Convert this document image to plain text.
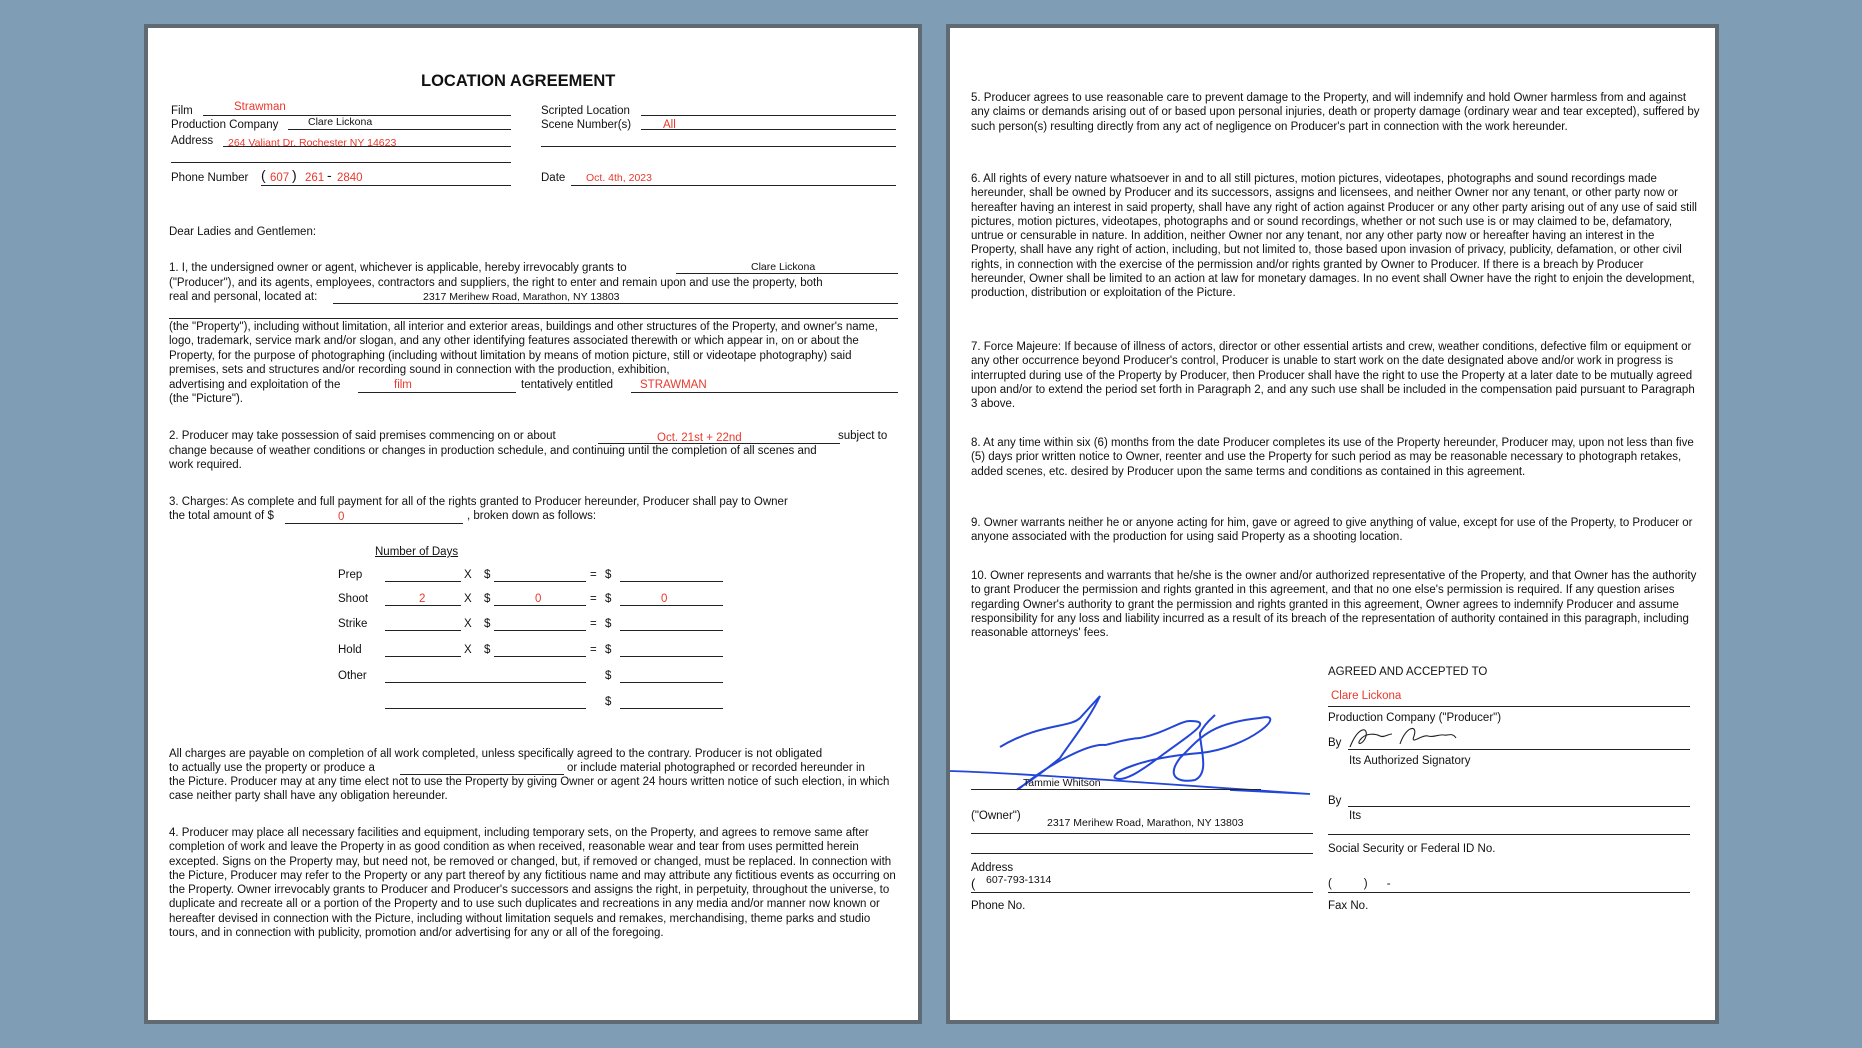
LOCATION AGREEMENT
Film	Strawman
Production Company	Clare Lickona
Address 264 Valiant Dr. Rochester NY 14623
Phone Number ( 607 ) 261 - 2840
Scripted Location
Scene Number(s)	All
Date Oct. 4th, 2023
Dear Ladies and Gentlemen:
1. I, the undersigned owner or agent, whichever is applicable, hereby irrevocably grants to	Clare Lickona
("Producer"), and its agents, employees, contractors and suppliers, the right to enter and remain upon and use the property, both
real and personal, located at:	2317 Merihew Road, Marathon, NY 13803
(the "Property"), including without limitation, all interior and exterior areas, buildings and other structures of the Property, and owner's name, logo, trademark, service mark and/or slogan, and any other identifying features associated therewith or which appear in, on or about the Property, for the purpose of photographing (including without limitation by means of motion picture, still or videotape photography) said premises, sets and structures and/or recording sound in connection with the production, exhibition,
advertising and exploitation of the	film	tentatively entitled STRAWMAN
(the "Picture").
2. Producer may take possession of said premises commencing on or about	Oct. 21st + 22nd	subject to
change because of weather conditions or changes in production schedule, and continuing until the completion of all scenes and
work required.
3. Charges: As complete and full payment for all of the rights granted to Producer hereunder, Producer shall pay to Owner
the total amount of $	0	, broken down as follows:
Number of Days
Prep	X $	= $
Shoot	2	X $	0	= $	0
Strike	X $	= $
Hold	X $	= $
Other	$
$
All charges are payable on completion of all work completed, unless specifically agreed to the contrary. Producer is not obligated
to actually use the property or produce a	or include material photographed or recorded hereunder in
the Picture. Producer may at any time elect not to use the Property by giving Owner or agent 24 hours written notice of such election, in which case neither party shall have any obligation hereunder.
4. Producer may place all necessary facilities and equipment, including temporary sets, on the Property, and agrees to remove same after completion of work and leave the Property in as good condition as when received, reasonable wear and tear from uses permitted herein excepted. Signs on the Property may, but need not, be removed or changed, but, if removed or changed, must be replaced. In connection with the Picture, Producer may refer to the Property or any part thereof by any fictitious name and may attribute any fictitious events as occurring on the Property. Owner irrevocably grants to Producer and Producer's successors and assigns the right, in perpetuity, throughout the universe, to duplicate and recreate all or a portion of the Property and to use such duplicates and recreations in any media and/or manner now known or hereafter devised in connection with the Picture, including without limitation sequels and remakes, merchandising, theme parks and studio tours, and in connection with publicity, promotion and/or advertising for any or all of the foregoing.
5. Producer agrees to use reasonable care to prevent damage to the Property, and will indemnify and hold Owner harmless from and against any claims or demands arising out of or based upon personal injuries, death or property damage (ordinary wear and tear excepted), suffered by such person(s) resulting directly from any act of negligence on Producer's part in connection with the work hereunder.
6. All rights of every nature whatsoever in and to all still pictures, motion pictures, videotapes, photographs and sound recordings made hereunder, shall be owned by Producer and its successors, assigns and licensees, and neither Owner nor any tenant, or other party now or hereafter having an interest in said property, shall have any right of action against Producer or any other party arising out of any use of said still pictures, motion pictures, videotapes, photographs and or sound recordings, whether or not such use is or may claimed to be, defamatory, untrue or censurable in nature. In addition, neither Owner nor any tenant, nor any other party now or hereafter having an interest in the Property, shall have any right of action, including, but not limited to, those based upon invasion of privacy, publicity, defamation, or other civil rights, in connection with the exercise of the permission and/or rights granted by Owner to Producer. If there is a breach by Producer hereunder, Owner shall be limited to an action at law for monetary damages. In no event shall Owner have the right to enjoin the development, production, distribution or exploitation of the Picture.
7. Force Majeure: If because of illness of actors, director or other essential artists and crew, weather conditions, defective film or equipment or any other occurrence beyond Producer's control, Producer is unable to start work on the date designated above and/or work in progress is interrupted during use of the Property by Producer, then Producer shall have the right to use the Property at a later date to be mutually agreed upon and/or to extend the period set forth in Paragraph 2, and any such use shall be included in the compensation paid pursuant to Paragraph 3 above.
8. At any time within six (6) months from the date Producer completes its use of the Property hereunder, Producer may, upon not less than five (5) days prior written notice to Owner, reenter and use the Property for such period as may be reasonable necessary to photograph retakes, added scenes, etc. desired by Producer upon the same terms and conditions as contained in this agreement.
9. Owner warrants neither he or anyone acting for him, gave or agreed to give anything of value, except for use of the Property, to Producer or anyone associated with the production for using said Property as a shooting location.
10. Owner represents and warrants that he/she is the owner and/or authorized representative of the Property, and that Owner has the authority to grant Producer the permission and rights granted in this agreement, and that no one else's permission is required. If any question arises regarding Owner's authority to grant the permission and rights granted in this agreement, Owner agrees to indemnify Producer and assume responsibility for any loss and liability incurred as a result of its breach of the representation of authority contained in this paragraph, including reasonable attorneys' fees.
Tammie Whitson
("Owner")
2317 Merihew Road, Marathon, NY 13803
Address
( 607-793-1314
Phone No.
AGREED AND ACCEPTED TO
Clare Lickona
Production Company ("Producer")
By
Its Authorized Signatory
By
Its
Social Security or Federal ID No.
(          )      -
Fax No.
